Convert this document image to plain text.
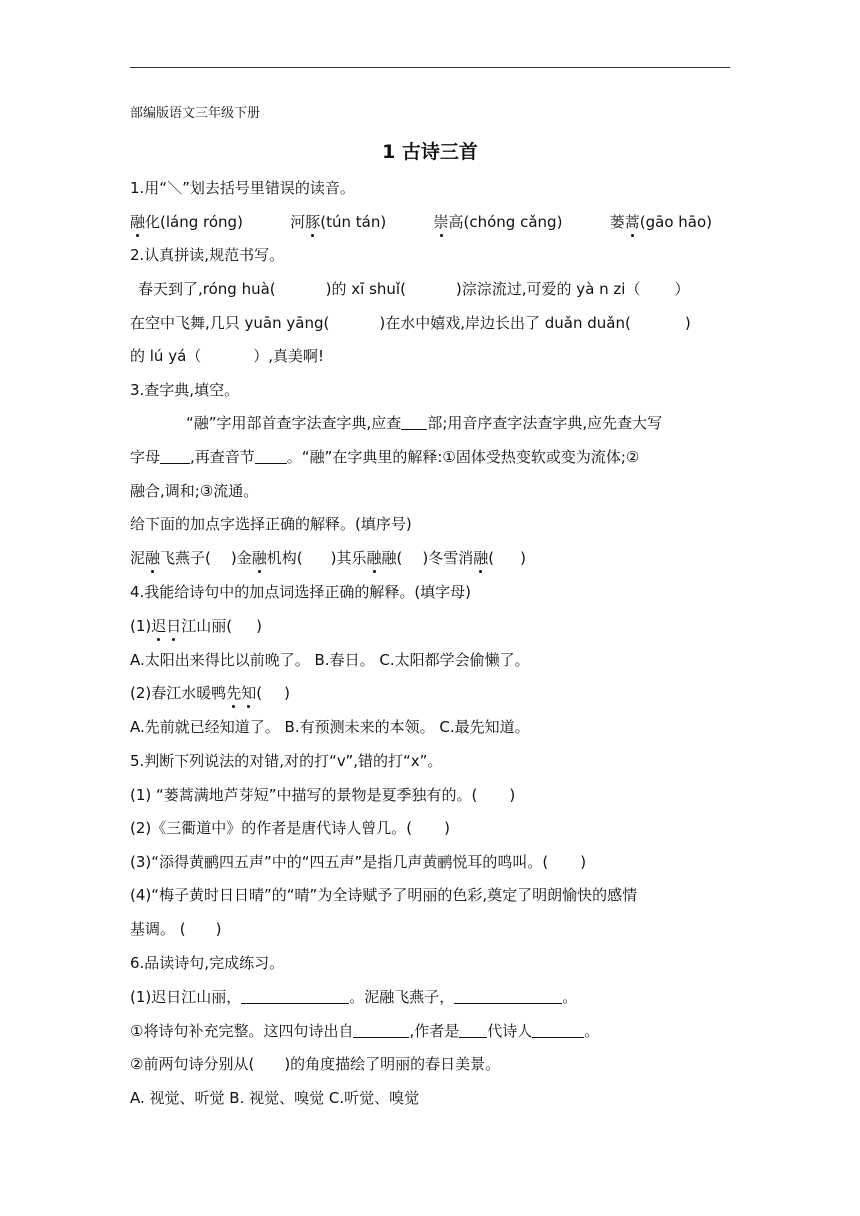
部编版语文三年级下册
1 古诗三首
1.用“＼”划去括号里错误的读音。
融化(láng róng)	河豚(tún tán)	崇高(chóng cǎng)	蒌蒿(gāo hāo)
2.认真拼读,规范书写。
春天到了,róng huà(	)的 xī shuǐ(	)淙淙流过,可爱的 yà n zi（ ）
在空中飞舞,几只 yuān yāng(	)在水中嬉戏,岸边长出了 duǎn duǎn(	)
的 lú yá（	）,真美啊!
3.查字典,填空。
“融”字用部首查字法查字典,应查 部;用音序查字法查字典,应先查大写
字母 ,再查音节 。“融”在字典里的解释:①固体受热变软或变为流体;②
融合,调和;③流通。
给下面的加点字选择正确的解释。(填序号)
泥融飞燕子( )金融机构( )其乐融融( )冬雪消融( )
4.我能给诗句中的加点词选择正确的解释。(填字母)
(1)迟日江山丽( )
A.太阳出来得比以前晚了。 B.春日。 C.太阳都学会偷懒了。
(2)春江水暖鸭先知( )
A.先前就已经知道了。 B.有预测未来的本领。 C.最先知道。
5.判断下列说法的对错,对的打“v”,错的打“x”。
(1) “蒌蒿满地芦芽短”中描写的景物是夏季独有的。( )
(2)《三衢道中》的作者是唐代诗人曾几。( )
(3)“添得黄鹂四五声”中的“四五声”是指几声黄鹂悦耳的鸣叫。( )
(4)“梅子黄时日日晴”的“晴”为全诗赋予了明丽的色彩,奠定了明朗愉快的感情
基调。 ( )
6.品读诗句,完成练习。
(1)迟日江山丽，	。泥融飞燕子，	。
①将诗句补充完整。这四句诗出自	,作者是 代诗人	。
②前两句诗分别从( )的角度描绘了明丽的春日美景。
A. 视觉、听觉 B. 视觉、嗅觉 C.听觉、嗅觉
